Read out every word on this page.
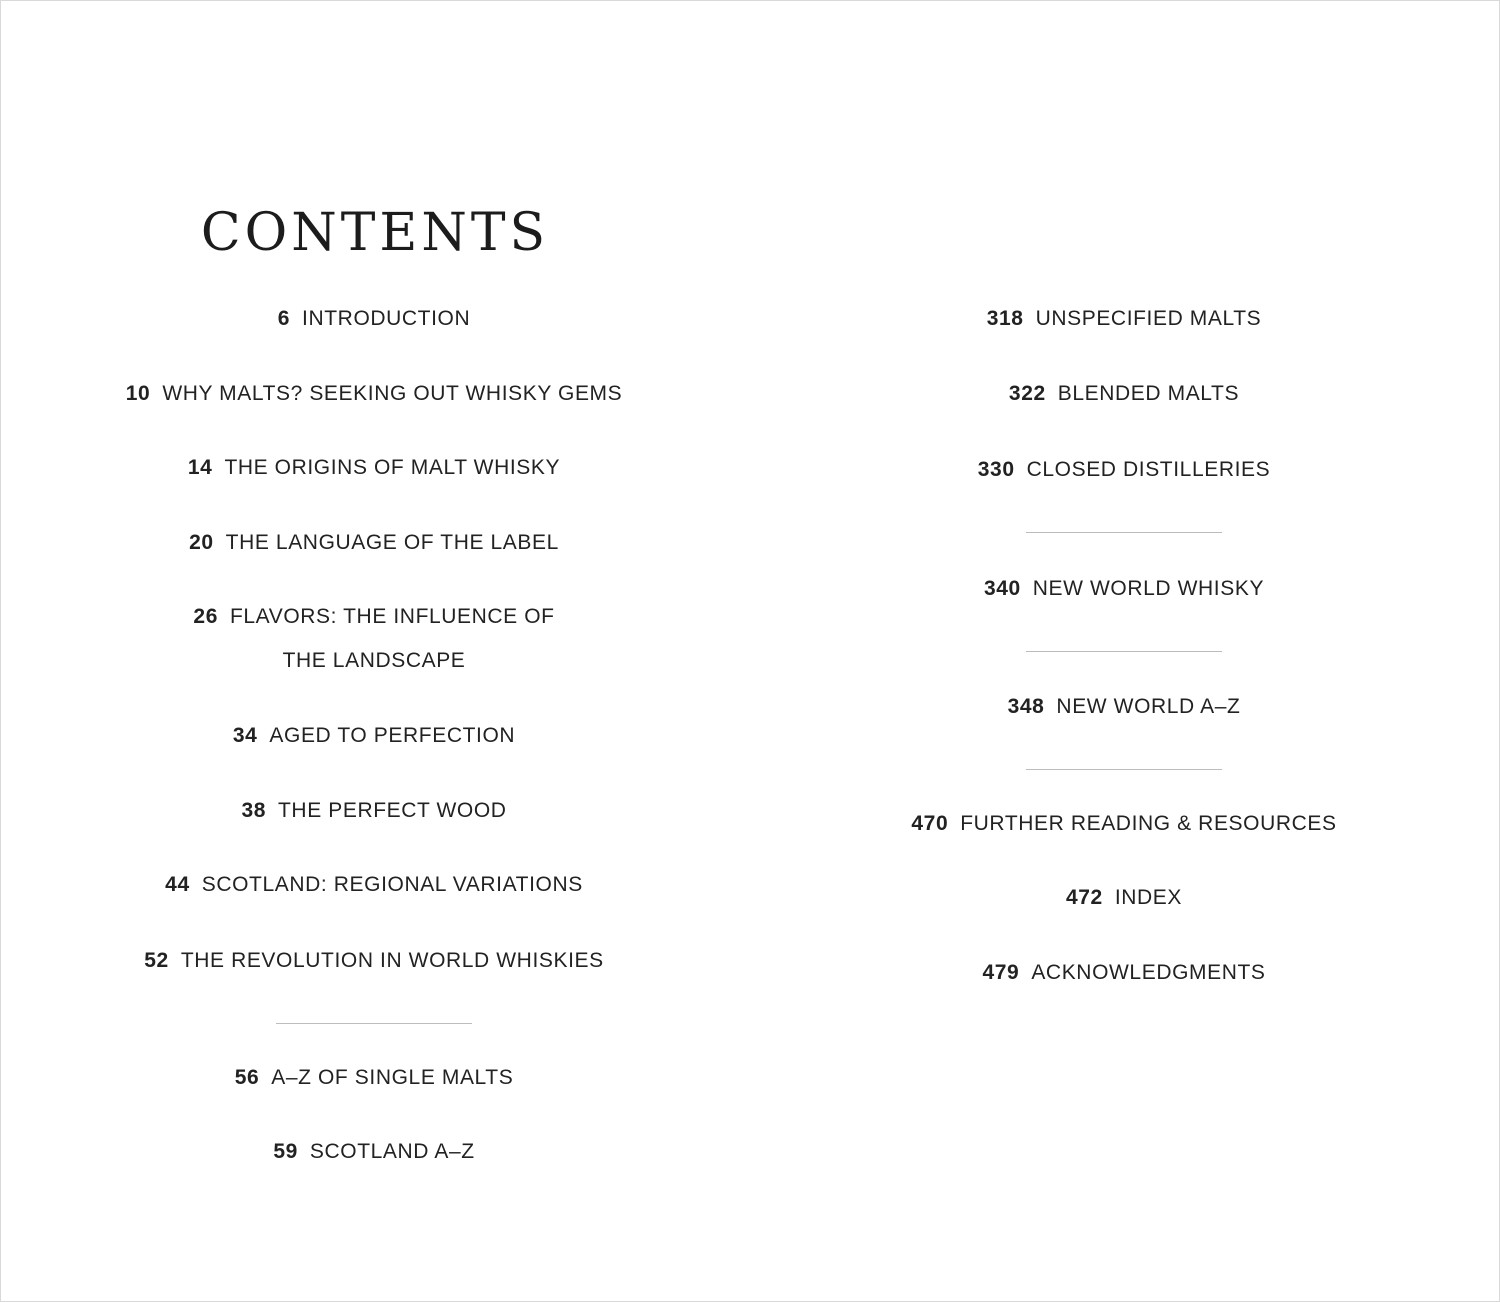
CONTENTS
6 INTRODUCTION
10 WHY MALTS? SEEKING OUT WHISKY GEMS
14 THE ORIGINS OF MALT WHISKY
20 THE LANGUAGE OF THE LABEL
26 FLAVORS: THE INFLUENCE OF
THE LANDSCAPE
34 AGED TO PERFECTION
38 THE PERFECT WOOD
44 SCOTLAND: REGIONAL VARIATIONS
52 THE REVOLUTION IN WORLD WHISKIES
56 A–Z OF SINGLE MALTS
59 SCOTLAND A–Z
318 UNSPECIFIED MALTS
322 BLENDED MALTS
330 CLOSED DISTILLERIES
340 NEW WORLD WHISKY
348 NEW WORLD A–Z
470 FURTHER READING & RESOURCES
472 INDEX
479 ACKNOWLEDGMENTS
